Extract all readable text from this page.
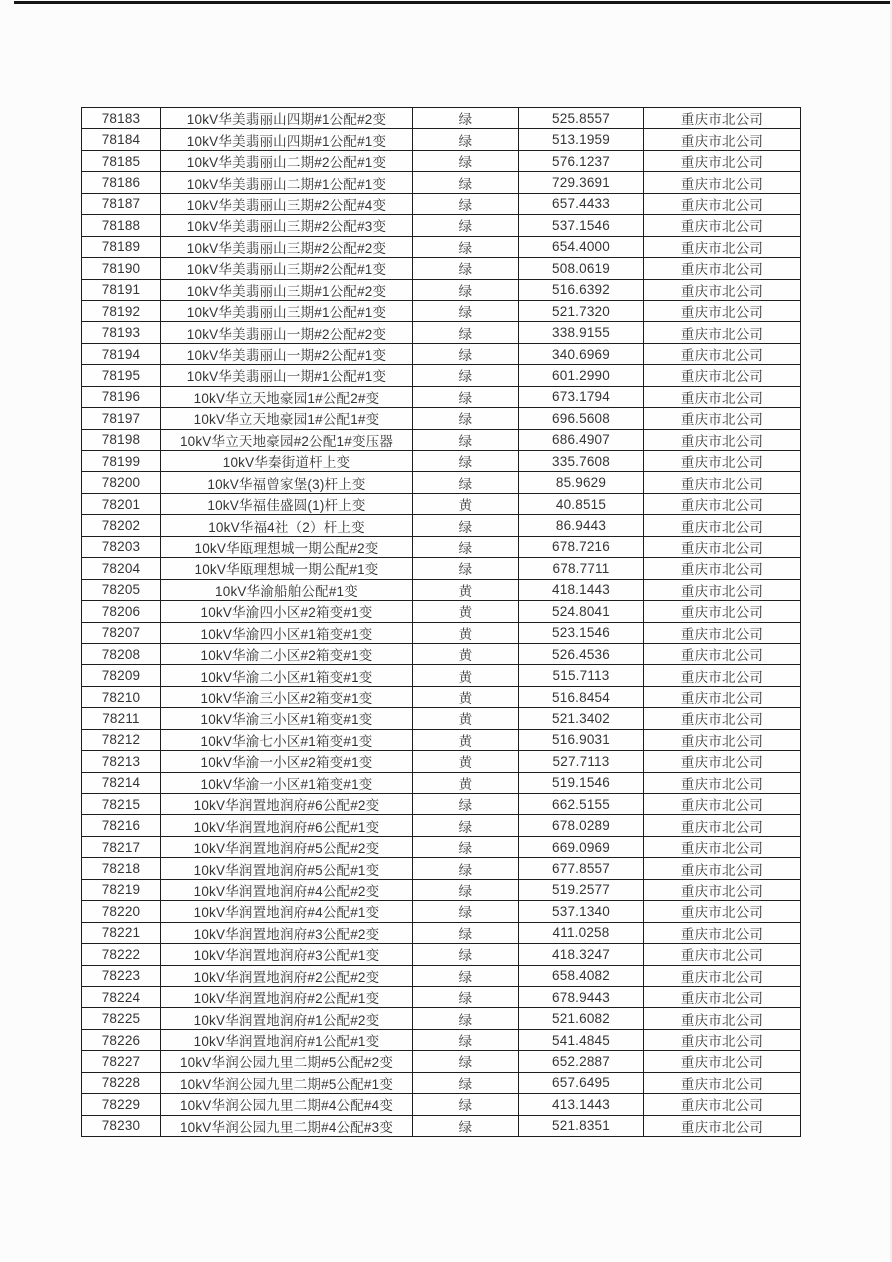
78183	10kV华美翡丽山四期#1公配#2变	绿	525.8557	重庆市北公司
78184	10kV华美翡丽山四期#1公配#1变	绿	513.1959	重庆市北公司
78185	10kV华美翡丽山二期#2公配#1变	绿	576.1237	重庆市北公司
78186	10kV华美翡丽山二期#1公配#1变	绿	729.3691	重庆市北公司
78187	10kV华美翡丽山三期#2公配#4变	绿	657.4433	重庆市北公司
78188	10kV华美翡丽山三期#2公配#3变	绿	537.1546	重庆市北公司
78189	10kV华美翡丽山三期#2公配#2变	绿	654.4000	重庆市北公司
78190	10kV华美翡丽山三期#2公配#1变	绿	508.0619	重庆市北公司
78191	10kV华美翡丽山三期#1公配#2变	绿	516.6392	重庆市北公司
78192	10kV华美翡丽山三期#1公配#1变	绿	521.7320	重庆市北公司
78193	10kV华美翡丽山一期#2公配#2变	绿	338.9155	重庆市北公司
78194	10kV华美翡丽山一期#2公配#1变	绿	340.6969	重庆市北公司
78195	10kV华美翡丽山一期#1公配#1变	绿	601.2990	重庆市北公司
78196	10kV华立天地豪园1#公配2#变	绿	673.1794	重庆市北公司
78197	10kV华立天地豪园1#公配1#变	绿	696.5608	重庆市北公司
78198	10kV华立天地豪园#2公配1#变压器	绿	686.4907	重庆市北公司
78199	10kV华秦街道杆上变	绿	335.7608	重庆市北公司
78200	10kV华福曾家堡(3)杆上变	绿	85.9629	重庆市北公司
78201	10kV华福佳盛圆(1)杆上变	黄	40.8515	重庆市北公司
78202	10kV华福4社（2）杆上变	绿	86.9443	重庆市北公司
78203	10kV华瓯理想城一期公配#2变	绿	678.7216	重庆市北公司
78204	10kV华瓯理想城一期公配#1变	绿	678.7711	重庆市北公司
78205	10kV华渝船舶公配#1变	黄	418.1443	重庆市北公司
78206	10kV华渝四小区#2箱变#1变	黄	524.8041	重庆市北公司
78207	10kV华渝四小区#1箱变#1变	黄	523.1546	重庆市北公司
78208	10kV华渝二小区#2箱变#1变	黄	526.4536	重庆市北公司
78209	10kV华渝二小区#1箱变#1变	黄	515.7113	重庆市北公司
78210	10kV华渝三小区#2箱变#1变	黄	516.8454	重庆市北公司
78211	10kV华渝三小区#1箱变#1变	黄	521.3402	重庆市北公司
78212	10kV华渝七小区#1箱变#1变	黄	516.9031	重庆市北公司
78213	10kV华渝一小区#2箱变#1变	黄	527.7113	重庆市北公司
78214	10kV华渝一小区#1箱变#1变	黄	519.1546	重庆市北公司
78215	10kV华润置地润府#6公配#2变	绿	662.5155	重庆市北公司
78216	10kV华润置地润府#6公配#1变	绿	678.0289	重庆市北公司
78217	10kV华润置地润府#5公配#2变	绿	669.0969	重庆市北公司
78218	10kV华润置地润府#5公配#1变	绿	677.8557	重庆市北公司
78219	10kV华润置地润府#4公配#2变	绿	519.2577	重庆市北公司
78220	10kV华润置地润府#4公配#1变	绿	537.1340	重庆市北公司
78221	10kV华润置地润府#3公配#2变	绿	411.0258	重庆市北公司
78222	10kV华润置地润府#3公配#1变	绿	418.3247	重庆市北公司
78223	10kV华润置地润府#2公配#2变	绿	658.4082	重庆市北公司
78224	10kV华润置地润府#2公配#1变	绿	678.9443	重庆市北公司
78225	10kV华润置地润府#1公配#2变	绿	521.6082	重庆市北公司
78226	10kV华润置地润府#1公配#1变	绿	541.4845	重庆市北公司
78227	10kV华润公园九里二期#5公配#2变	绿	652.2887	重庆市北公司
78228	10kV华润公园九里二期#5公配#1变	绿	657.6495	重庆市北公司
78229	10kV华润公园九里二期#4公配#4变	绿	413.1443	重庆市北公司
78230	10kV华润公园九里二期#4公配#3变	绿	521.8351	重庆市北公司
